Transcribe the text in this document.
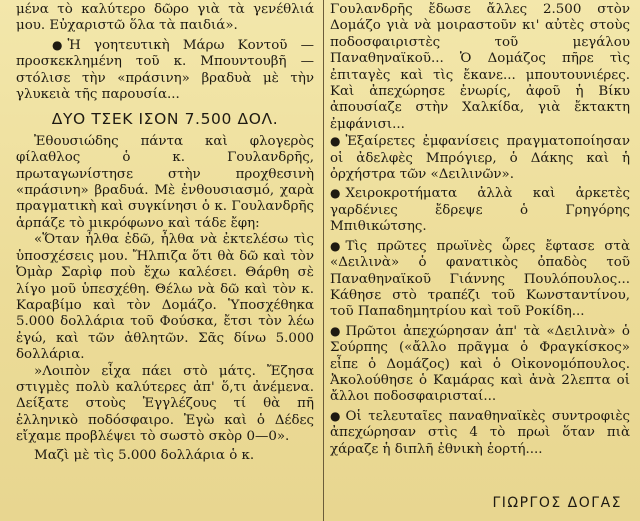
μένα τὸ καλύτερο δῶρο γιὰ τὰ γενέθλιά μου. Εὐχαριστῶ ὅλα τὰ παιδιά».

● Ἡ γοητευτικὴ Μάρω Κοντοῦ — προσκεκλημένη τοῦ κ. Μπουντουβῆ — στόλισε τὴν «πράσινη» βραδυὰ μὲ τὴν γλυκειὰ τῆς παρουσία...

ΔΥΟ ΤΣΕΚ ΙΣΟΝ 7.500 ΔΟΛ.

Ἐθουσιώδης πάντα καὶ φλογερὸς φίλαθλος ὁ κ. Γουλανδρῆς, πρωταγωνίστησε στὴν προχθεσινὴ «πράσινη» βραδυά. Μὲ ἐνθουσιασμό, χαρὰ πραγματικὴ καὶ συγκίνησι ὁ κ. Γουλανδρῆς ἁρπάζε τὸ μικρόφωνο καὶ τάδε ἔφη:

«Ὅταν ἦλθα ἐδῶ, ἦλθα νὰ ἐκτελέσω τὶς ὑποσχέσεις μου. Ἤλπιζα ὅτι θὰ δῶ καὶ τὸν Ὀμὰρ Σαρὶφ ποὺ ἔχω καλέσει. Θάρθη σὲ λίγο μοῦ ὑπεσχέθη. Θέλω νὰ δῶ καὶ τὸν κ. Καραβίμο καὶ τὸν Δομάζο. Ὑποσχέθηκα 5.000 δολλάρια τοῦ Φούσκα, ἔτσι τὸν λέω ἐγώ, καὶ τῶν ἀθλητῶν. Σᾶς δίνω 5.000 δολλάρια.

»Λοιπὸν εἶχα πάει στὸ μάτς. Ἔζησα στιγμὲς πολὺ καλύτερες ἀπ' ὅ,τι ἀνέμενα. Δείξατε στοὺς Ἐγγλέζους τί θὰ πῆ ἑλληνικὸ ποδόσφαιρο. Ἐγὼ καὶ ὁ Δέδες εἴχαμε προβλέψει τὸ σωστὸ σκὸρ 0—0».

Μαζὶ μὲ τὶς 5.000 δολλάρια ὁ κ.

Γουλανδρῆς ἔδωσε ἄλλες 2.500 στὸν Δομάζο γιὰ νὰ μοιραστοῦν κι' αὐτὲς στοὺς ποδοσφαιριστὲς τοῦ μεγάλου Παναθηναϊκοῦ... Ὁ Δομάζος πῆρε τὶς ἐπιταγὲς καὶ τὶς ἔκανε... μπουτουνιέρες. Καὶ ἀπεχώρησε ἐνωρίς, ἀφοῦ ἡ Βίκυ ἀπουσίαζε στὴν Χαλκίδα, γιὰ ἔκτακτη ἐμφάνισι...

● Ἐξαίρετες ἐμφανίσεις πραγματοποίησαν οἱ ἀδελφὲς Μπρόγιερ, ὁ Δάκης καὶ ἡ ὀρχήστρα τῶν «Δειλινῶν».

● Χειροκροτήματα ἀλλὰ καὶ ἀρκετὲς γαρδένιες ἔδρεψε ὁ Γρηγόρης Μπιθικώτσης.

● Τὶς πρῶτες πρωϊνὲς ὧρες ἔφτασε στὰ «Δειλινὰ» ὁ φανατικὸς ὀπαδὸς τοῦ Παναθηναϊκοῦ Γιάννης Πουλόπουλος... Κάθησε στὸ τραπέζι τοῦ Κωνσταντίνου, τοῦ Παπαδημητρίου καὶ τοῦ Ροκίδη...

● Πρῶτοι ἀπεχώρησαν ἀπ' τὰ «Δειλινὰ» ὁ Σούρπης («ἄλλο πρᾶγμα ὁ Φραγκίσκος» εἶπε ὁ Δομάζος) καὶ ὁ Οἰκονομόπουλος. Ἀκολούθησε ὁ Καμάρας καὶ ἀνὰ 2λεπτα οἱ ἄλλοι ποδοσφαιρισταί...

● Οἱ τελευταῖες παναθηναϊκὲς συντροφιὲς ἀπεχώρησαν στὶς 4 τὸ πρωὶ ὅταν πιὰ χάραζε ἡ διπλῆ ἐθνικὴ ἑορτή....

ΓΙΩΡΓΟΣ ΔΟΓΑΣ
